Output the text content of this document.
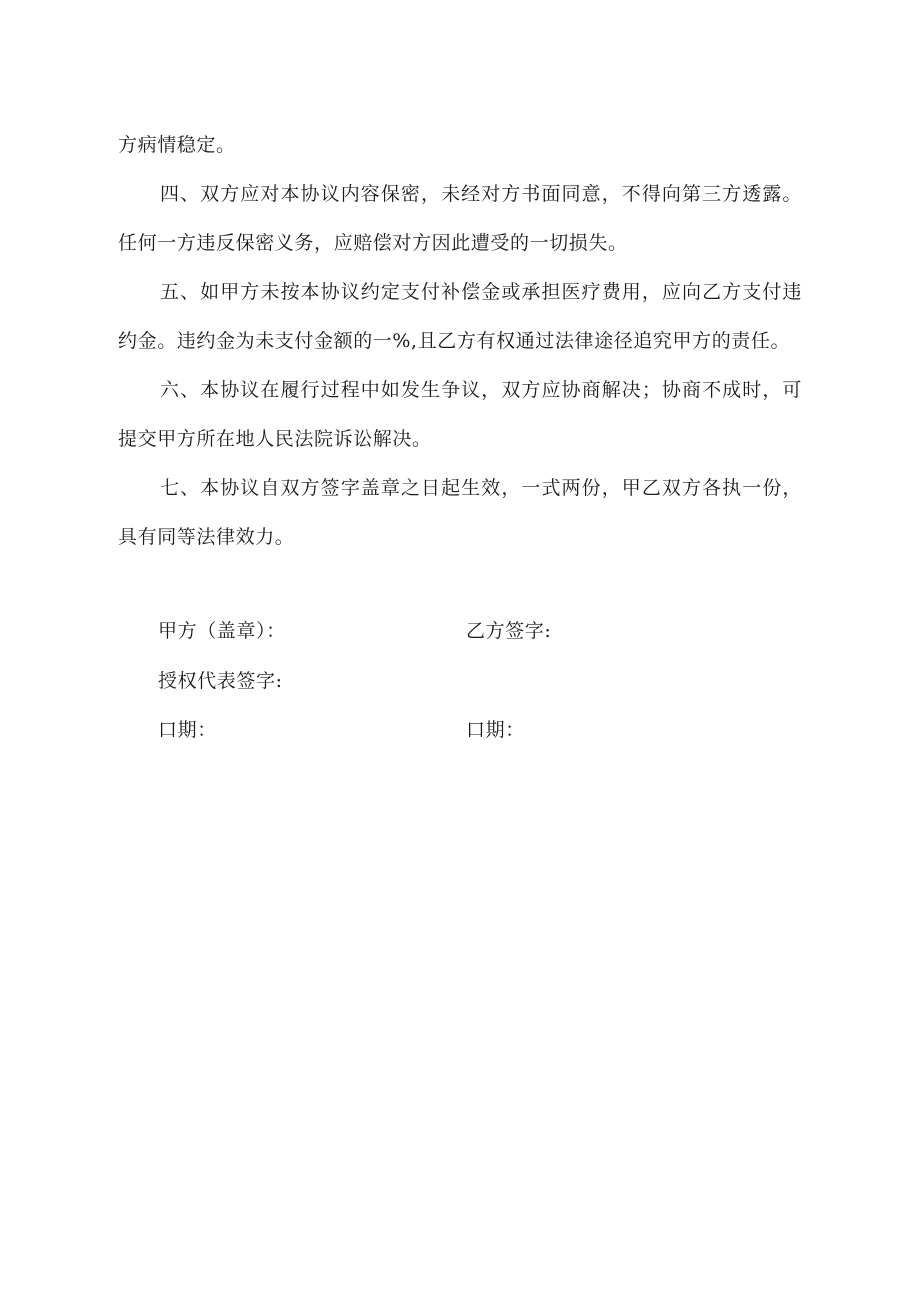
方病情稳定。

四、双方应对本协议内容保密，未经对方书面同意，不得向第三方透露。任何一方违反保密义务，应赔偿对方因此遭受的一切损失。

五、如甲方未按本协议约定支付补偿金或承担医疗费用，应向乙方支付违约金。违约金为未支付金额的一%,且乙方有权通过法律途径追究甲方的责任。

六、本协议在履行过程中如发生争议，双方应协商解决；协商不成时，可提交甲方所在地人民法院诉讼解决。

七、本协议自双方签字盖章之日起生效，一式两份，甲乙双方各执一份，具有同等法律效力。

甲方（盖章）：	乙方签字:
授权代表签字:
口期：	口期：
